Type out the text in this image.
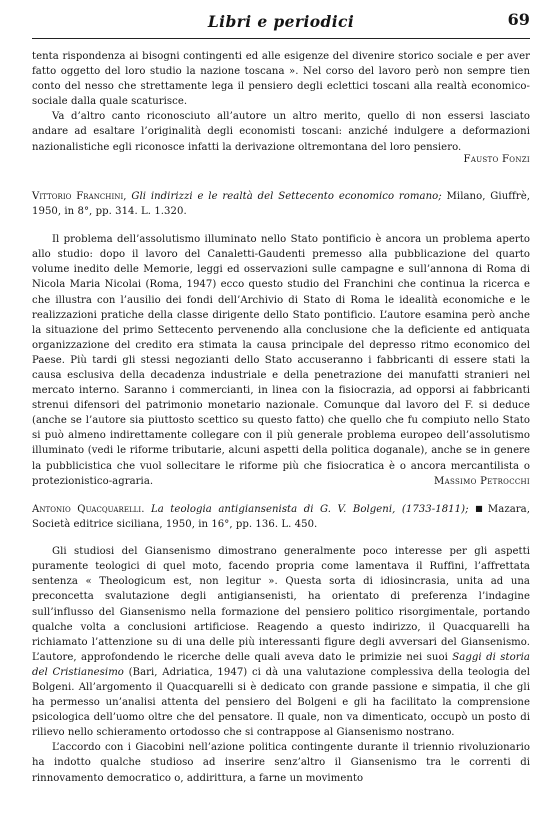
Libri e periodici	69

tenta rispondenza ai bisogni contingenti ed alle esigenze del divenire storico sociale e per aver fatto oggetto del loro studio la nazione toscana ». Nel corso del lavoro però non sempre tien conto del nesso che strettamente lega il pensiero degli eclettici toscani alla realtà economico-sociale dalla quale scaturisce.

Va d’altro canto riconosciuto all’autore un altro merito, quello di non essersi lasciato andare ad esaltare l’originalità degli economisti toscani: anziché indulgere a deformazioni nazionalistiche egli riconosce infatti la derivazione oltremontana del loro pensiero.

Fausto Fonzi

Vittorio Franchini, Gli indirizzi e le realtà del Settecento economico romano; Milano, Giuffrè, 1950, in 8°, pp. 314. L. 1.320.

Il problema dell’assolutismo illuminato nello Stato pontificio è ancora un problema aperto allo studio: dopo il lavoro del Canaletti-Gaudenti premesso alla pubblicazione del quarto volume inedito delle Memorie, leggi ed osservazioni sulle campagne e sull’annona di Roma di Nicola Maria Nicolai (Roma, 1947) ecco questo studio del Franchini che continua la ricerca e che illustra con l’ausilio dei fondi dell’Archivio di Stato di Roma le idealità economiche e le realizzazioni pratiche della classe dirigente dello Stato pontificio. L’autore esamina però anche la situazione del primo Settecento pervenendo alla conclusione che la deficiente ed antiquata organizzazione del credito era stimata la causa principale del depresso ritmo economico del Paese. Più tardi gli stessi negozianti dello Stato accuseranno i fabbricanti di essere stati la causa esclusiva della decadenza industriale e della penetrazione dei manufatti stranieri nel mercato interno. Saranno i commercianti, in linea con la fisiocrazia, ad opporsi ai fabbricanti strenui difensori del patrimonio monetario nazionale. Comunque dal lavoro del F. si deduce (anche se l’autore sia piuttosto scettico su questo fatto) che quello che fu compiuto nello Stato si può almeno indirettamente collegare con il più generale problema europeo dell’assolutismo illuminato (vedi le riforme tributarie, alcuni aspetti della politica doganale), anche se in genere la pubblicistica che vuol sollecitare le riforme più che fisiocratica è o ancora mercantilista o protezionistico-agraria.	Massimo Petrocchi

Antonio Quacquarelli. La teologia antigiansenista di G. V. Bolgeni, (1733-1811); ■ Mazara, Società editrice siciliana, 1950, in 16°, pp. 136. L. 450.

Gli studiosi del Giansenismo dimostrano generalmente poco interesse per gli aspetti puramente teologici di quel moto, facendo propria come lamentava il Ruffini, l’affrettata sentenza « Theologicum est, non legitur ». Questa sorta di idiosincrasia, unita ad una preconcetta svalutazione degli antigiansenisti, ha orientato di preferenza l’indagine sull’influsso del Giansenismo nella formazione del pensiero politico risorgimentale, portando qualche volta a conclusioni artificiose. Reagendo a questo indirizzo, il Quacquarelli ha richiamato l’attenzione su di una delle più interessanti figure degli avversari del Giansenismo. L’autore, approfondendo le ricerche delle quali aveva dato le primizie nei suoi Saggi di storia del Cristianesimo (Bari, Adriatica, 1947) ci dà una valutazione complessiva della teologia del Bolgeni. All’argomento il Quacquarelli si è dedicato con grande passione e simpatia, il che gli ha permesso un’analisi attenta del pensiero del Bolgeni e gli ha facilitato la comprensione psicologica dell’uomo oltre che del pensatore. Il quale, non va dimenticato, occupò un posto di rilievo nello schieramento ortodosso che si contrappose al Giansenismo nostrano.

L’accordo con i Giacobini nell’azione politica contingente durante il triennio rivoluzionario ha indotto qualche studioso ad inserire senz’altro il Giansenismo tra le correnti di rinnovamento democratico o, addirittura, a farne un movimento
